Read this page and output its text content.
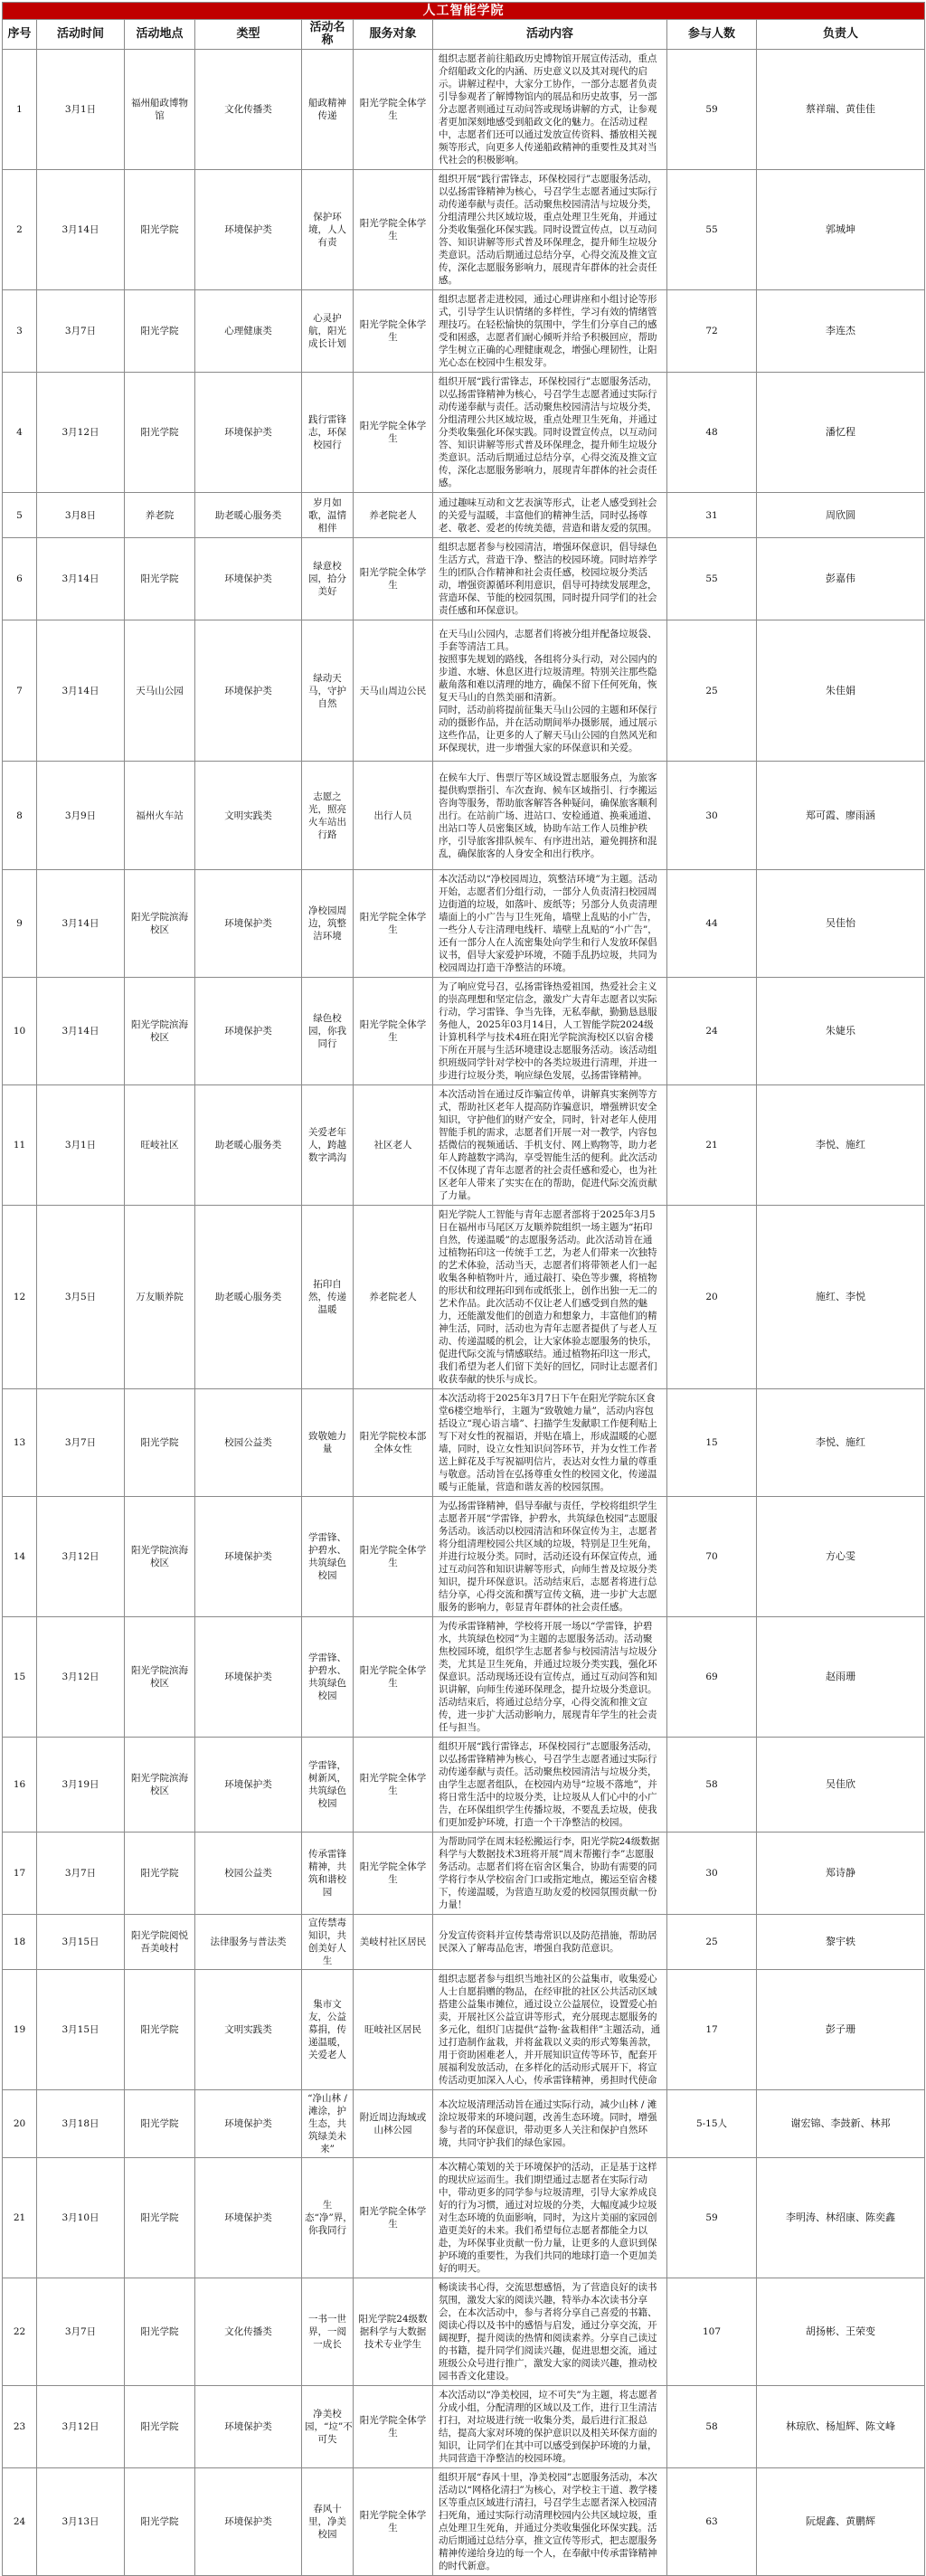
人工智能学院								
序号	活动时间	活动地点	类型	活动名称	服务对象	活动内容	参与人数	负责人
1	3月1日	福州船政博物馆	文化传播类	船政精神传递	阳光学院全体学生	组织志愿者前往船政历史博物馆开展宣传活动，重点介绍船政文化的内涵、历史意义以及其对现代的启示。讲解过程中，大家分工协作，一部分志愿者负责引导参观者了解博物馆内的展品和历史故事，另一部分志愿者则通过互动问答或现场讲解的方式，让参观者更加深刻地感受到船政文化的魅力。在活动过程中，志愿者们还可以通过发放宣传资料、播放相关视频等形式，向更多人传递船政精神的重要性及其对当代社会的积极影响。	59	蔡祥瑞、黄佳佳
2	3月14日	阳光学院	环境保护类	保护环境，人人有责	阳光学院全体学生	组织开展“践行雷锋志，环保校园行”志愿服务活动，以弘扬雷锋精神为核心，号召学生志愿者通过实际行动传递奉献与责任。活动聚焦校园清洁与垃圾分类，分组清理公共区域垃圾，重点处理卫生死角，并通过分类收集强化环保实践。同时设置宣传点，以互动问答、知识讲解等形式普及环保理念，提升师生垃圾分类意识。活动后期通过总结分享，心得交流及推文宣传，深化志愿服务影响力，展现青年群体的社会责任感。	55	郭城坤
3	3月7日	阳光学院	心理健康类	心灵护航，阳光成长计划	阳光学院全体学生	组织志愿者走进校园，通过心理讲座和小组讨论等形式，引导学生认识情绪的多样性，学习有效的情绪管理技巧。在轻松愉快的氛围中，学生们分享自己的感受和困惑，志愿者们耐心倾听并给予积极回应，帮助学生树立正确的心理健康观念，增强心理韧性，让阳光心态在校园中生根发芽。	72	李连杰
4	3月12日	阳光学院	环境保护类	践行雷锋志，环保校园行	阳光学院全体学生	组织开展“践行雷锋志，环保校园行”志愿服务活动，以弘扬雷锋精神为核心，号召学生志愿者通过实际行动传递奉献与责任。活动聚焦校园清洁与垃圾分类，分组清理公共区域垃圾，重点处理卫生死角，并通过分类收集强化环保实践。同时设置宣传点，以互动问答、知识讲解等形式普及环保理念，提升师生垃圾分类意识。活动后期通过总结分享，心得交流及推文宣传，深化志愿服务影响力，展现青年群体的社会责任感。	48	潘忆程
5	3月8日	养老院	助老暖心服务类	岁月如歌，温情相伴	养老院老人	通过趣味互动和文艺表演等形式，让老人感受到社会的关爱与温暖，丰富他们的精神生活，同时弘扬尊老、敬老、爱老的传统美德，营造和谐友爱的氛围。	31	周欣圆
6	3月14日	阳光学院	环境保护类	绿意校园，拾分美好	阳光学院全体学生	组织志愿者参与校园清洁，增强环保意识，倡导绿色生活方式，营造干净、整洁的校园环境。同时培养学生的团队合作精神和社会责任感，校园垃圾分类活动，增强资源循环利用意识，倡导可持续发展理念，营造环保、节能的校园氛围，同时提升同学们的社会责任感和环保意识。	55	彭嘉伟
7	3月14日	天马山公园	环境保护类	绿动天马，守护自然	天马山周边公民	在天马山公园内，志愿者们将被分组并配备垃圾袋、手套等清洁工具。
按照事先规划的路线，各组将分头行动，对公园内的步道、水塘、休息区进行垃圾清理。特别关注那些隐蔽角落和难以清理的地方，确保不留下任何死角，恢复天马山的自然美丽和清新。
同时，活动前将提前征集天马山公园的主题和环保行动的摄影作品，并在活动期间举办摄影展，通过展示这些作品，让更多的人了解天马山公园的自然风光和环保现状，进一步增强大家的环保意识和关爱。	25	朱佳娟
8	3月9日	福州火车站	文明实践类	志愿之光，照亮火车站出行路	出行人员	在候车大厅、售票厅等区域设置志愿服务点，为旅客提供购票指引、车次查询、候车区域指引、行李搬运咨询等服务，帮助旅客解答各种疑问，确保旅客顺利出行。在站前广场、进站口、安检通道、换乘通道、出站口等人员密集区域，协助车站工作人员维护秩序，引导旅客排队候车、有序进出站，避免拥挤和混乱，确保旅客的人身安全和出行秩序。	30	郑可霞、廖雨涵
9	3月14日	阳光学院滨海校区	环境保护类	净校园周边，筑整洁环境	阳光学院全体学生	本次活动以“净校园周边，筑整洁环境”为主题。活动开始，志愿者们分组行动，一部分人负责清扫校园周边街道的垃圾，如落叶、废纸等；另部分人负责清理墙面上的小广告与卫生死角，墙壁上乱贴的小广告，一些分人专注清理电线杆、墙壁上乱贴的“小广告”，还有一部分人在人流密集处向学生和行人发放环保倡议书，倡导大家爱护环境，不随手乱扔垃圾，共同为校园周边打造干净整洁的环境。	44	吴佳怡
10	3月14日	阳光学院滨海校区	环境保护类	绿色校园，你我同行	阳光学院全体学生	为了响应党号召，弘扬雷锋热爱祖国，热爱社会主义的崇高理想和坚定信念，激发广大青年志愿者以实际行动，学习雷锋、争当先锋，无私奉献，勤勤恳恳服务他人，2025年03月14日，人工智能学院2024级计算机科学与技术4班在阳光学院滨海校区以宿舍楼下所在开展与生活环境建设志愿服务活动。该活动组织班级同学针对学校中的各类垃圾进行清理，并进一步进行垃圾分类，响应绿色发展，弘扬雷锋精神。	24	朱婕乐
11	3月1日	旺岐社区	助老暖心服务类	关爱老年人，跨越数字鸿沟	社区老人	本次活动旨在通过反诈骗宣传单，讲解真实案例等方式，帮助社区老年人提高防诈骗意识，增强辨识安全知识，守护他们的财产安全，同时，针对老年人使用智能手机的需求，志愿者们开展一对一教学，内容包括微信的视频通话、手机支付、网上购物等，助力老年人跨越数字鸿沟，享受智能生活的便利。此次活动不仅体现了青年志愿者的社会责任感和爱心，也为社区老年人带来了实实在在的帮助，促进代际交流贡献了力量。	21	李悦、施红
12	3月5日	万友顺养院	助老暖心服务类	拓印自然，传递温暖	养老院老人	阳光学院人工智能与青年志愿者部将于2025年3月5日在福州市马尾区万友顺养院组织一场主题为“拓印自然，传递温暖”的志愿服务活动。此次活动旨在通过植物拓印这一传统手工艺，为老人们带来一次独特的艺术体验，活动当天，志愿者们将带领老人们一起收集各种植物叶片，通过敲打、染色等步骤，将植物的形状和纹理拓印到布或纸张上，创作出独一无二的艺术作品。此次活动不仅让老人们感受到自然的魅力，还能激发他们的创造力和想象力，丰富他们的精神生活，同时，活动也为青年志愿者提供了与老人互动、传递温暖的机会，让大家体验志愿服务的快乐，促进代际交流与情感联结。通过植物拓印这一形式，我们希望为老人们留下美好的回忆，同时让志愿者们收获奉献的快乐与成长。	20	施红、李悦
13	3月7日	阳光学院	校园公益类	致敬她力量	阳光学院校本部全体女性	本次活动将于2025年3月7日下午在阳光学院东区食堂6楼空地举行，主题为“致敬她力量”，活动内容包括设立“现心语言墙”、扫描学生发献职工作便利贴上写下对女性的祝福语，并贴在墙上，形成温暖的心愿墙，同时，设立女性知识问答环节，并为女性工作者送上鲜花及手写祝福明信片，表达对女性力量的尊重与敬意。活动旨在弘扬尊重女性的校园文化，传递温暖与正能量，营造和谐友善的校园氛围。	15	李悦、施红
14	3月12日	阳光学院滨海校区	环境保护类	学雷锋、护碧水、共筑绿色校园	阳光学院全体学生	为弘扬雷锋精神，倡导奉献与责任，学校将组织学生志愿者开展“学雷锋，护碧水，共筑绿色校园”志愿服务活动。该活动以校园清洁和环保宣传为主，志愿者将分组清理校园公共区域的垃圾，特别是卫生死角，并进行垃圾分类。同时，活动还设有环保宣传点，通过互动问答和知识讲解等形式，向师生普及垃圾分类知识，提升环保意识。活动结束后，志愿者将进行总结分享，心得交流和撰写宣传文稿，进一步扩大志愿服务的影响力，彰显青年群体的社会责任感。	70	方心雯
15	3月12日	阳光学院滨海校区	环境保护类	学雷锋、护碧水、共筑绿色校园	阳光学院全体学生	为传承雷锋精神，学校将开展一场以“学雷锋，护碧水，共筑绿色校园”为主题的志愿服务活动。活动聚焦校园环境，组织学生志愿者参与校园清洁与垃圾分类，尤其是卫生死角，并通过垃圾分类实践，强化环保意识。活动现场还设有宣传点，通过互动问答和知识讲解，向师生传递环保理念，提升垃圾分类意识。活动结束后，将通过总结分享，心得交流和推文宣传，进一步扩大活动影响力，展现青年学生的社会责任与担当。	69	赵雨珊
16	3月19日	阳光学院滨海校区	环境保护类	学雷锋，树新风，共筑绿色校园	阳光学院全体学生	组织开展“践行雷锋志，环保校园行”志愿服务活动，以弘扬雷锋精神为核心，号召学生志愿者通过实际行动传递奉献与责任。活动聚焦校园清洁与垃圾分类，由学生志愿者组队，在校园内劝导“垃圾不落地”，并将日常生活中的垃圾分类，让垃圾从人们心中的小广告，在环保组织学生传播垃圾，不要乱丢垃圾，使我们更加爱护环境，打造一个干净整洁的校园。	58	吴佳欣
17	3月7日	阳光学院	校园公益类	传承雷锋精神，共筑和谐校园	阳光学院全体学生	为帮助同学在周末轻松搬运行李，阳光学院24级数据科学与大数据技术3班将开展“周末帮搬行李”志愿服务活动。志愿者们将在宿舍区集合，协助有需要的同学将行李从学校宿舍门口或指定地点，搬运至宿舍楼下，传递温暖，为营造互助友爱的校园氛围贡献一份力量！	30	郑诗静
18	3月15日	阳光学院阅悦吾美岐村	法律服务与普法类	宣传禁毒知识，共创美好人生	美岐村社区居民	分发宣传资料并宣传禁毒常识以及防范措施，帮助居民深入了解毒品危害，增强自我防范意识。	25	黎宇轶
19	3月15日	阳光学院	文明实践类	集市文友，公益募捐，传递温暖，关爱老人	旺岐社区居民	组织志愿者参与组织当地社区的公益集市，收集爱心人士自愿捐赠的物品，在经审批的社区公共活动区域搭建公益集市摊位，通过设立公益展位，设置爱心拍卖，开展社区公益宣讲等形式，充分展现志愿服务的多元化，组织门店提供“益物·盆栽相伴”主题活动，通过打造制作盆栽，并将盆栽以义卖的形式筹集善款，用于资助困难老人，并开展知识宣传等环节，配套开展福利发放活动，在多样化的活动形式展开下，将宣传活动更加深入人心，传承雷锋精神，勇担时代使命	17	彭子珊
20	3月18日	阳光学院	环境保护类	“净山林 / 滩涂，护生态，共筑绿美未来”	附近周边海域或山林公园	本次垃圾清理活动旨在通过实际行动，减少山林 / 滩涂垃圾带来的环境问题，改善生态环境。同时，增强参与者的环保意识，带动更多人关注和保护自然环境，共同守护我们的绿色家园。	5-15人	谢宏锦、李鼓新、林邦
21	3月10日	阳光学院	环境保护类	生态“净”界，你我同行	阳光学院全体学生	本次精心策划的关于环境保护的活动，正是基于这样的现状应运而生。我们期望通过志愿者在实际行动中，带动更多的同学参与垃圾清理，引导大家养成良好的行为习惯，通过对垃圾的分类，大幅度减少垃圾对生态环境的负面影响，同时，为这片美丽的家园创造更美好的未来。我们希望每位志愿者都能全力以赴，为环保事业贡献一份力量，让更多的人意识到保护环境的重要性，为我们共同的地球打造一个更加美好的明天。	59	李明涛、林绍康、陈奕鑫
22	3月7日	阳光学院	文化传播类	一书一世界，一阅一成长	阳光学院24级数据科学与大数据技术专业学生	畅谈读书心得，交流思想感悟，为了营造良好的读书氛围，激发大家的阅读兴趣，特举办本次读书分享会，在本次活动中，参与者将分享自己喜爱的书籍、阅读心得以及书中的感悟与启发，通过分享交流，开阔视野，提升阅读的热情和阅读素养。分享自己读过的书籍，提升同学们阅读兴趣，促进思想交流，通过班级公众号进行推广，激发大家的阅读兴趣，推动校园书香文化建设。	107	胡扬彬、王荣变
23	3月12日	阳光学院	环境保护类	净美校园，“垃”不可失	阳光学院全体学生	本次活动以“净美校园，垃不可失”为主题，将志愿者分成小组，分配清理的区域以及工作，进行卫生清洁打扫，对垃圾进行统一收集分类，最后进行汇报总结，提高大家对环境的保护意识以及相关环保方面的知识，让同学们在其中可以感受到保护环境的力量，共同营造干净整洁的校园环境。	58	林琼欣、杨旭辉、陈文峰
24	3月13日	阳光学院	环境保护类	春风十里，净美校园	阳光学院全体学生	组织开展“春风十里，净美校园”志愿服务活动，本次活动以“网格化清扫”为核心，对学校主干道、教学楼区等重点区域进行清扫，号召学生志愿者深入校园清扫死角，通过实际行动清理校园内公共区域垃圾，重点处理卫生死角，并通过分类收集强化环保实践。活动后期通过总结分享，推文宣传等形式，把志愿服务精神传递给身边的每一个人，在奉献中传承雷锋精神的时代新意。	63	阮焜鑫、黄鹏辉
